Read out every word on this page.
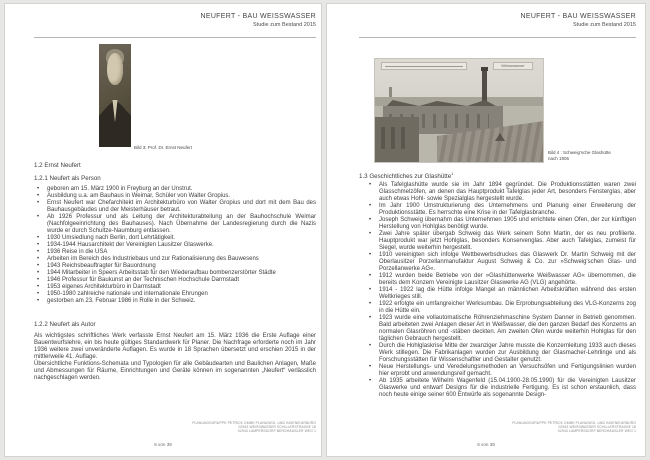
NEUFERT - BAU WEISSWASSER
Studie zum Bestand 2015
Bild 3: Prof. Dr. Ernst Neufert
1.2 Ernst Neufert
1.2.1 Neufert als Person
• geboren am 15. März 1900 in Freyburg an der Unstrut.
• Ausbildung u.a. am Bauhaus in Weimar, Schüler von Walter Gropius.
• Ernst Neufert war Chefarchitekt im Architekturbüro von Walter Gropius und dort mit dem Bau des Bauhausgebäudes und der Meisterhäuser betraut.
• Ab 1926 Professur und als Leitung der Architekturabteilung an der Bauhochschule Weimar (Nachfolgeeinrichtung des Bauhauses). Nach Übernahme der Landesregierung durch die Nazis wurde er durch Schultze-Naumburg entlassen.
• 1930 Umsiedlung nach Berlin, dort Lehrtätigkeit.
• 1934-1944 Hausarchitekt der Vereinigten Lausitzer Glaswerke.
• 1936 Reise in die USA
• Arbeiten im Bereich des Industriebaus und zur Rationalisierung des Bauwesens
• 1943 Reichsbeauftragter für Bauordnung
• 1944 Mitarbeiter in Speers Arbeitsstab für den Wiederaufbau bombenzerstörter Städte
• 1946 Professur für Baukunst an der Technischen Hochschule Darmstadt
• 1953 eigenes Architekturbüro in Darmstadt
• 1950-1980 zahlreiche nationale und internationale Ehrungen
• gestorben am 23. Februar 1986 in Rolle in der Schweiz.
1.2.2 Neufert als Autor
Als wichtigstes schriftliches Werk verfasste Ernst Neufert am 15. März 1936 die Erste Auflage einer Bauentwurfslehre, ein bis heute gültiges Standardwerk für Planer. Die Nachfrage erforderte noch im Jahr 1936 weitere zwei unveränderte Auflagen. Es wurde in 18 Sprachen übersetzt und erschien 2015 in der mittlerweile 41. Auflage.
Übersichtliche Funktions-Schemata und Typologien für alle Gebäudearten und Baulichen Anlagen, Maße und Abmessungen für Räume, Einrichtungen und Geräte können im sogenannten „Neufert“ verlässlich nachgeschlagen werden.
PLANUNGSGRUPPE PETRICK GMBH PLANUNGS- UND INGENIEURBÜRO
02943 WEISSWASSER SCHILLERSTRASSE 18
02943 LAMPERSDORF BERGHÄUSLER WEG 1
5 von 39
NEUFERT - BAU WEISSWASSER
Studie zum Bestand 2015
Weisswasser
Bild 4 : Schweig'sche Glashütte
nach 1905
1.3 Geschichtliches zur Glashütte$^1$
• Als Tafelglashütte wurde sie im Jahr 1894 gegründet. Die Produktionsstätten waren zwei Glasschmelzöfen, an denen das Hauptprodukt Tafelglas jeder Art, besonders Fensterglas, aber auch etwas Hohl- sowie Spezialglas hergestellt wurde.
• Im Jahr 1900 Umstrukturierung des Unternehmens und Planung einer Erweiterung der Produktionsstätte. Es herrschte eine Krise in der Tafelglasbranche.
• Joseph Schweig übernahm das Unternehmen 1905 und errichtete einen Ofen, der zur künftigen Herstellung von Hohlglas benötigt wurde.
• Zwei Jahre später übergab Schweig das Werk seinem Sohn Martin, der es neu profilierte. Hauptprodukt war jetzt Hohlglas, besonders Konservenglas. Aber auch Tafelglas, zumeist für Siegel, wurde weiterhin hergestellt.
• 1910 vereinigten sich infolge Wettbewerbsdruckes das Glaswerk Dr. Martin Schweig mit der Oberlausitzer Porzellanmanufaktur August Schweig & Co. zur »Schweig'schen Glas- und Porzellanwerke AG«.
• 1912 wurden beide Betriebe von der »Glashüttenwerke Weißwasser AG« übernommen, die bereits dem Konzern Vereinigte Lausitzer Glaswerke AG (VLG) angehörte.
• 1914 - 1922 lag die Hütte infolge Mangel an männlichen Arbeitskräften während des ersten Weltkrieges still.
• 1922 erfolgte ein umfangreicher Werksumbau. Die Erprobungsabteilung des VLG-Konzerns zog in die Hütte ein.
• 1923 wurde eine vollautomatische Röhrenziehmaschine System Danner in Betrieb genommen. Bald arbeiteten zwei Anlagen dieser Art in Weißwasser, die den ganzen Bedarf des Konzerns an normalen Glasröhren und -stäben deckten. Am zweiten Ofen wurde weiterhin Hohlglas für den täglichen Gebrauch hergestellt.
• Durch die Hohlglaskrise Mitte der zwanziger Jahre musste die Konzernleitung 1933 auch dieses Werk stillegen. Die Fabrikanlagen wurden zur Ausbildung der Glasmacher-Lehrlinge und als Forschungsstätten für Wissenschaftler und Gestalter genutzt.
• Neue Herstellungs- und Veredelungsmethoden an Versuchsöfen und Fertigungslinien wurden hier erprobt und anwendungsreif gemacht.
• Ab 1935 arbeitete Wilhelm Wagenfeld (15.04.1900-28.05.1990) für die Vereinigten Lausitzer Glaswerke und entwarf Designs für die industrielle Fertigung. Es ist schon erstaunlich, dass noch heute einige seiner 600 Entwürfe als sogenannte Design-
PLANUNGSGRUPPE PETRICK GMBH PLANUNGS- UND INGENIEURBÜRO
02943 WEISSWASSER SCHILLERSTRASSE 18
02943 LAMPERSDORF BERGHÄUSLER WEG 1
6 von 39
